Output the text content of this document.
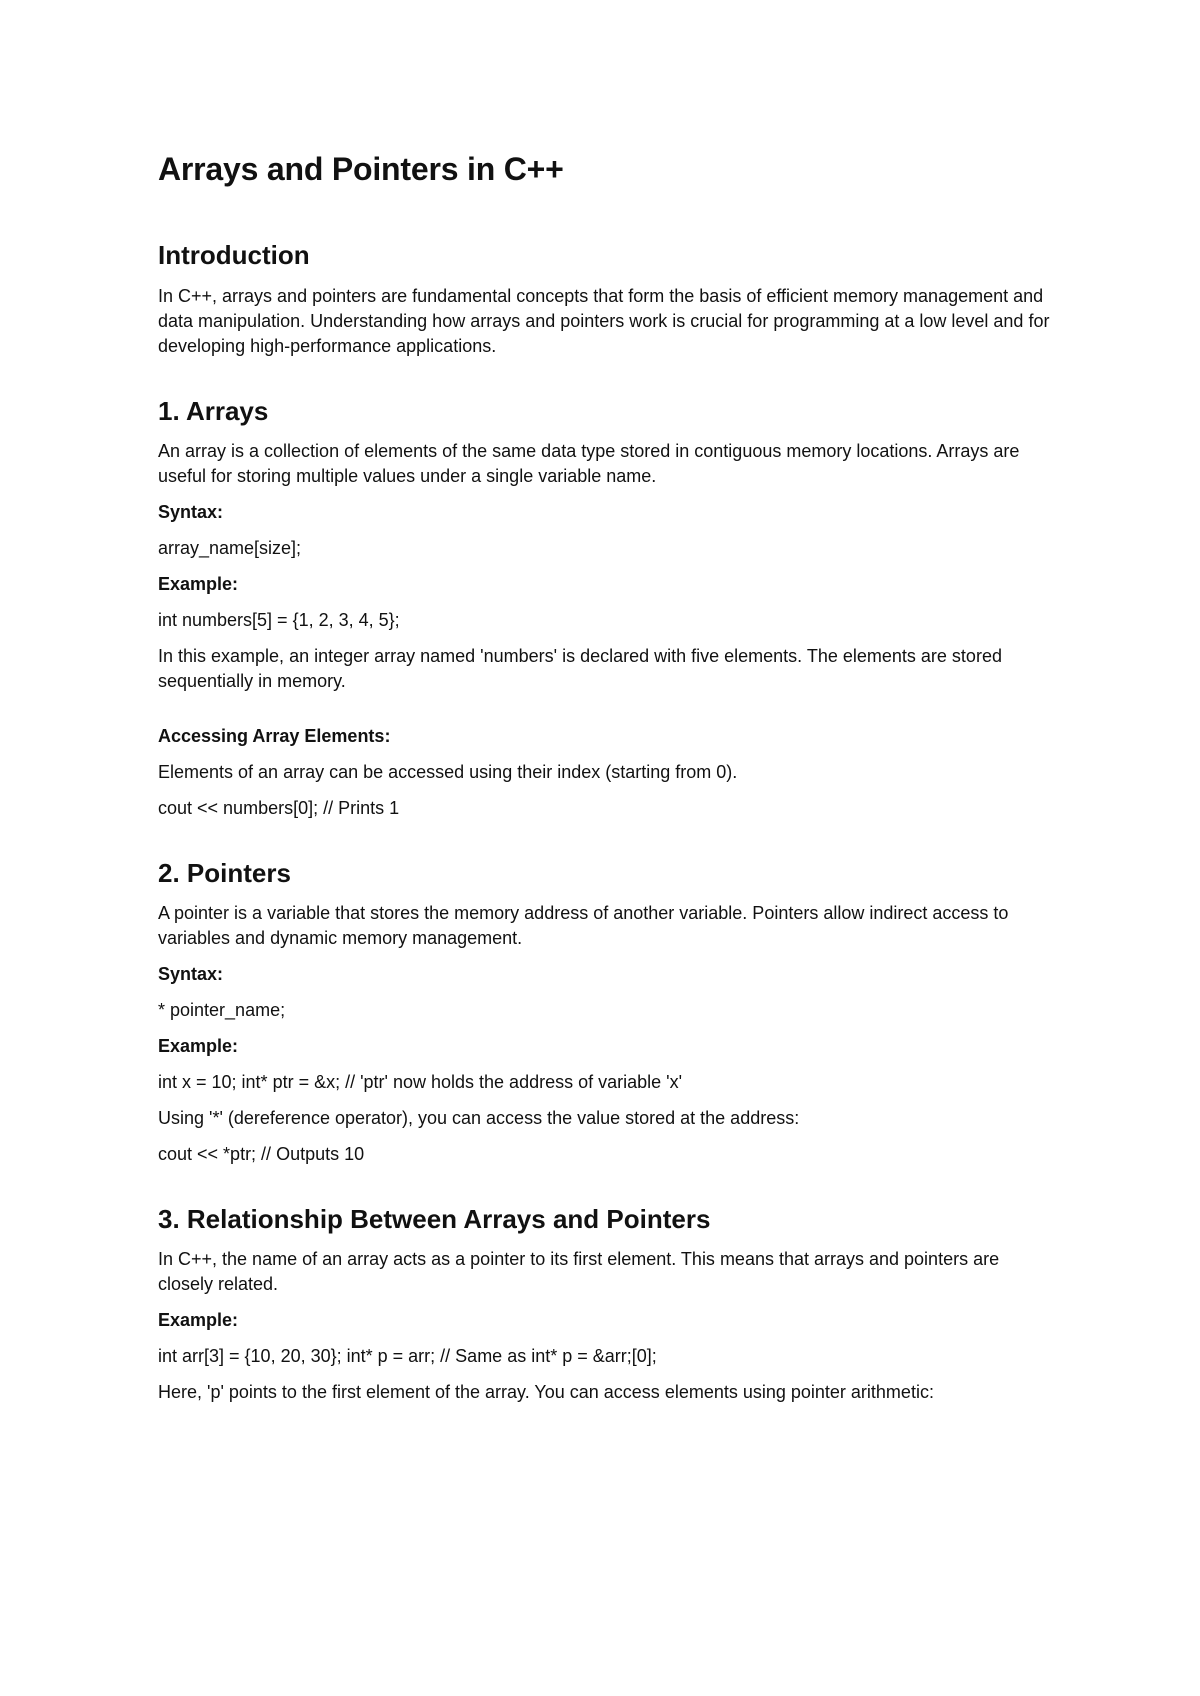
Arrays and Pointers in C++
Introduction

In C++, arrays and pointers are fundamental concepts that form the basis of efficient memory management and data manipulation. Understanding how arrays and pointers work is crucial for programming at a low level and for developing high-performance applications.

1. Arrays

An array is a collection of elements of the same data type stored in contiguous memory locations. Arrays are useful for storing multiple values under a single variable name.

Syntax:

array_name[size];

Example:

int numbers[5] = {1, 2, 3, 4, 5};

In this example, an integer array named 'numbers' is declared with five elements. The elements are stored sequentially in memory.

Accessing Array Elements:

Elements of an array can be accessed using their index (starting from 0).

cout << numbers[0]; // Prints 1

2. Pointers

A pointer is a variable that stores the memory address of another variable. Pointers allow indirect access to variables and dynamic memory management.

Syntax:

* pointer_name;

Example:

int x = 10; int* ptr = &x; // 'ptr' now holds the address of variable 'x'

Using '*' (dereference operator), you can access the value stored at the address:

cout << *ptr; // Outputs 10

3. Relationship Between Arrays and Pointers

In C++, the name of an array acts as a pointer to its first element. This means that arrays and pointers are closely related.

Example:

int arr[3] = {10, 20, 30}; int* p = arr; // Same as int* p = &arr;[0];

Here, 'p' points to the first element of the array. You can access elements using pointer arithmetic:
